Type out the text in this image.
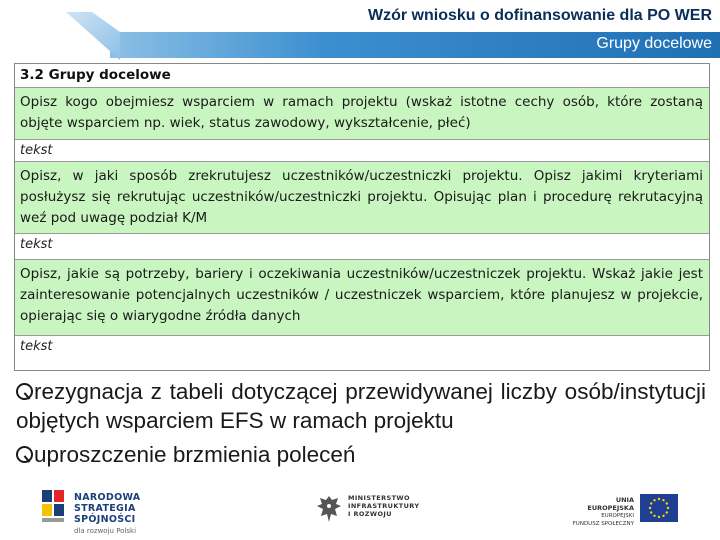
Wzór wniosku o dofinansowanie dla PO WER
Grupy docelowe
3.2 Grupy docelowe
Opisz kogo obejmiesz wsparciem w ramach projektu (wskaż istotne cechy osób, które zostaną objęte wsparciem np. wiek, status zawodowy, wykształcenie, płeć)
tekst
Opisz, w jaki sposób zrekrutujesz uczestników/uczestniczki projektu. Opisz jakimi kryteriami posłużysz się rekrutując uczestników/uczestniczki projektu. Opisując plan i procedurę rekrutacyjną weź pod uwagę podział K/M
tekst
Opisz, jakie są potrzeby, bariery i oczekiwania uczestników/uczestniczek projektu. Wskaż jakie jest zainteresowanie potencjalnych uczestników / uczestniczek wsparciem, które planujesz w projekcie, opierając się o wiarygodne źródła danych
tekst
rezygnacja z tabeli dotyczącej przewidywanej liczby osób/instytucji objętych wsparciem EFS w ramach projektu
uproszczenie brzmienia poleceń
NARODOWA
STRATEGIA SPÓJNOŚCI
dla rozwoju Polski
MINISTERSTWO
INFRASTRUKTURY
I ROZWOJU
UNIA EUROPEJSKA
EUROPEJSKI
FUNDUSZ SPOŁECZNY
